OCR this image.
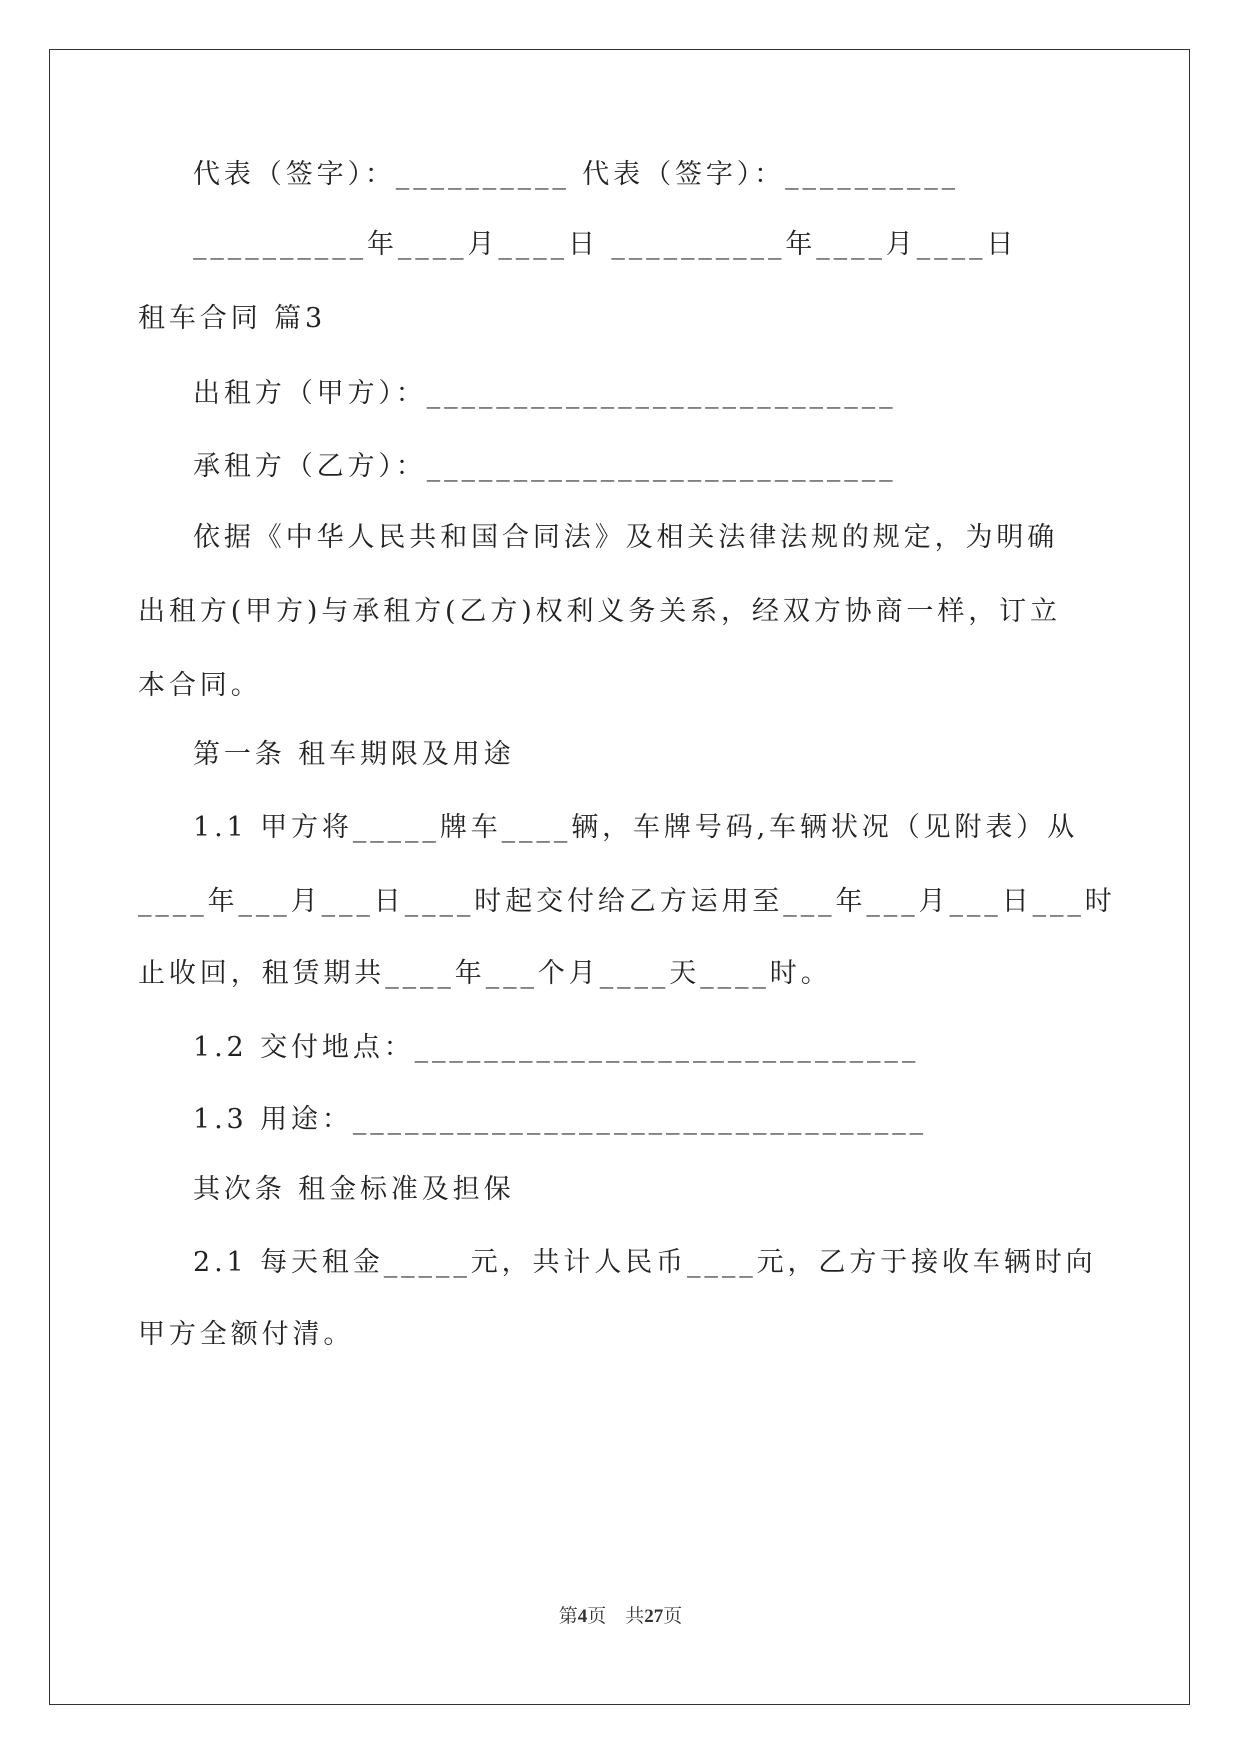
代表（签字）：__________ 代表（签字）：__________
__________年____月____日 __________年____月____日
租车合同 篇3
出租方（甲方）：___________________________
承租方（乙方）：___________________________
依据《中华人民共和国合同法》及相关法律法规的规定，为明确
出租方(甲方)与承租方(乙方)权利义务关系，经双方协商一样，订立
本合同。
第一条 租车期限及用途
1.1 甲方将_____牌车____辆，车牌号码,车辆状况（见附表）从
____年___月___日____时起交付给乙方运用至___年___月___日___时
止收回，租赁期共____年___个月____天____时。
1.2 交付地点：_____________________________
1.3 用途：_________________________________
其次条 租金标准及担保
2.1 每天租金_____元，共计人民币____元，乙方于接收车辆时向
甲方全额付清。
第4页 共27页
